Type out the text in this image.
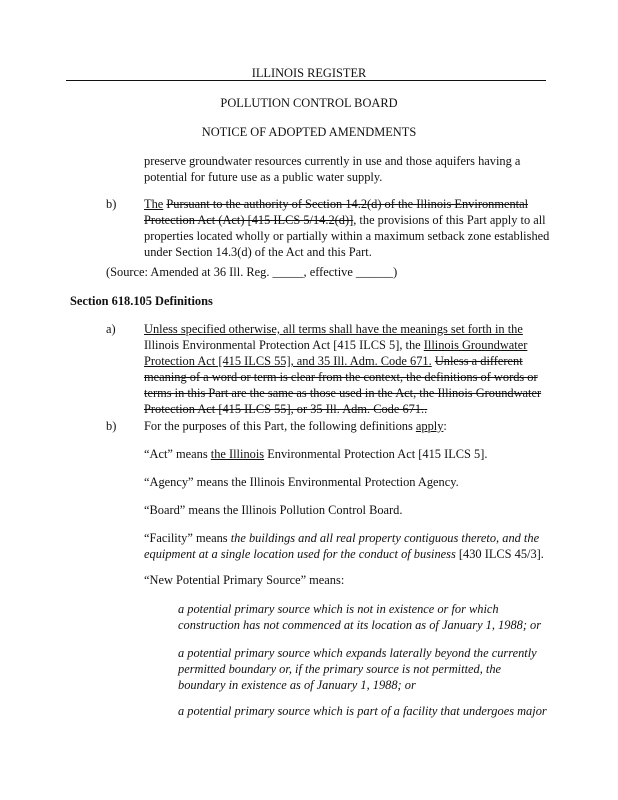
ILLINOIS REGISTER
POLLUTION CONTROL BOARD
NOTICE OF ADOPTED AMENDMENTS

preserve groundwater resources currently in use and those aquifers having a

potential for future use as a public water supply.

b) The Pursuant to the authority of Section 14.2(d) of the Illinois Environmental

Protection Act (Act) [415 ILCS 5/14.2(d)], the provisions of this Part apply to all

properties located wholly or partially within a maximum setback zone established

under Section 14.3(d) of the Act and this Part.

(Source: Amended at 36 Ill. Reg. _____, effective ______)
Section 618.105 Definitions
a) Unless specified otherwise, all terms shall have the meanings set forth in the

Illinois Environmental Protection Act [415 ILCS 5], the Illinois Groundwater

Protection Act [415 ILCS 55], and 35 Ill. Adm. Code 671. Unless a different

meaning of a word or term is clear from the context, the definitions of words or

terms in this Part are the same as those used in the Act, the Illinois Groundwater

Protection Act [415 ILCS 55], or 35 Ill. Adm. Code 671..

b) For the purposes of this Part, the following definitions apply:
“Act” means the Illinois Environmental Protection Act [415 ILCS 5].
“Agency” means the Illinois Environmental Protection Agency.
“Board” means the Illinois Pollution Control Board.

“Facility” means the buildings and all real property contiguous thereto, and the

equipment at a single location used for the conduct of business [430 ILCS 45/3].

“New Potential Primary Source” means:

a potential primary source which is not in existence or for which

construction has not commenced at its location as of January 1, 1988; or

a potential primary source which expands laterally beyond the currently

permitted boundary or, if the primary source is not permitted, the

boundary in existence as of January 1, 1988; or

a potential primary source which is part of a facility that undergoes major
